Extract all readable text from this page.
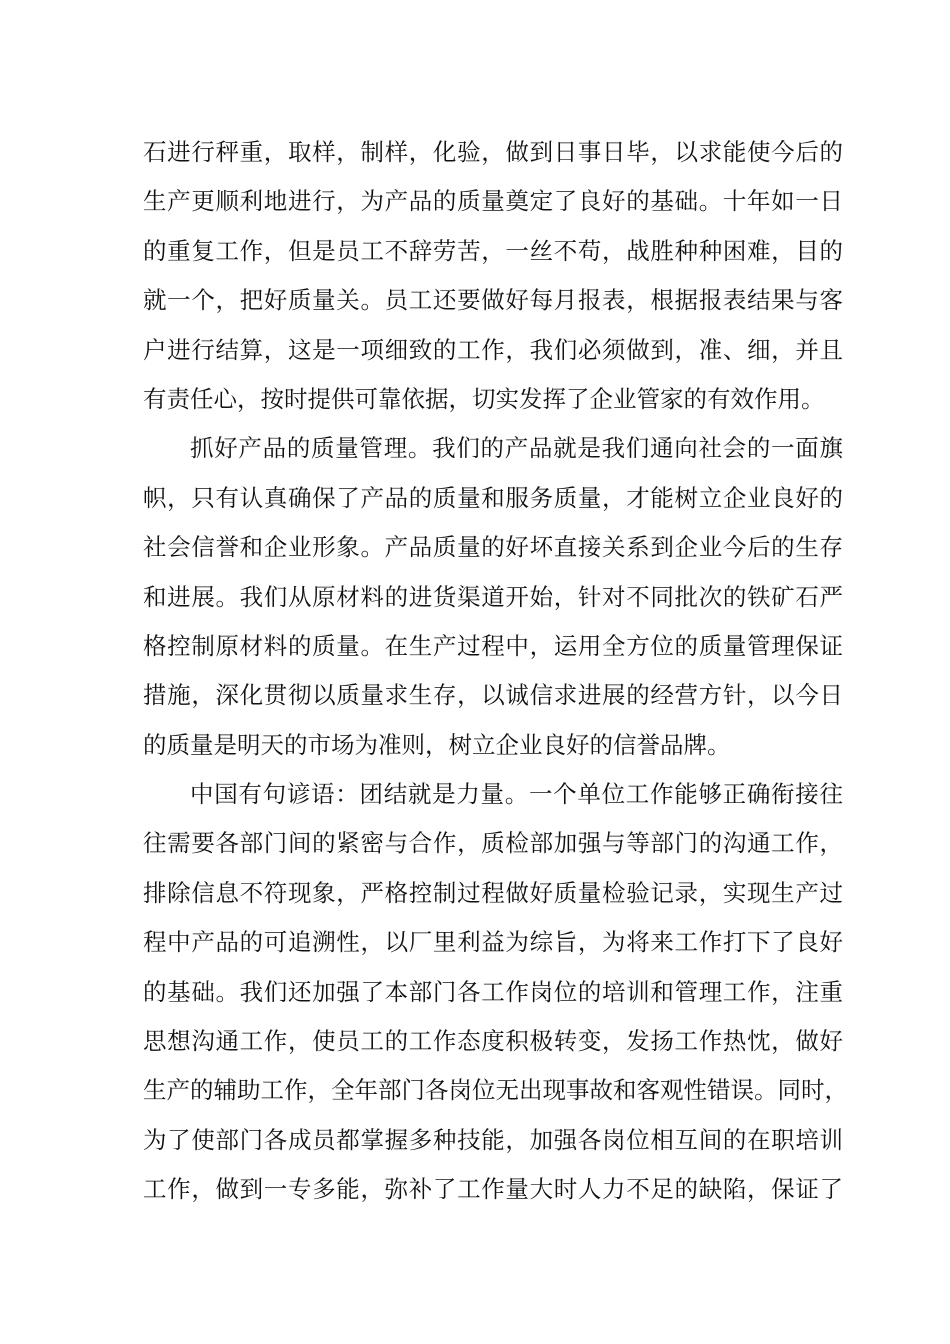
石进行秤重，取样，制样，化验，做到日事日毕，以求能使今后的
生产更顺利地进行，为产品的质量奠定了良好的基础。十年如一日
的重复工作，但是员工不辞劳苦，一丝不苟，战胜种种困难，目的
就一个，把好质量关。员工还要做好每月报表，根据报表结果与客
户进行结算，这是一项细致的工作，我们必须做到，准、细，并且
有责任心，按时提供可靠依据，切实发挥了企业管家的有效作用。
抓好产品的质量管理。我们的产品就是我们通向社会的一面旗
帜，只有认真确保了产品的质量和服务质量，才能树立企业良好的
社会信誉和企业形象。产品质量的好坏直接关系到企业今后的生存
和进展。我们从原材料的进货渠道开始，针对不同批次的铁矿石严
格控制原材料的质量。在生产过程中，运用全方位的质量管理保证
措施，深化贯彻以质量求生存，以诚信求进展的经营方针，以今日
的质量是明天的市场为准则，树立企业良好的信誉品牌。
中国有句谚语：团结就是力量。一个单位工作能够正确衔接往
往需要各部门间的紧密与合作，质检部加强与等部门的沟通工作，
排除信息不符现象，严格控制过程做好质量检验记录，实现生产过
程中产品的可追溯性，以厂里利益为综旨，为将来工作打下了良好
的基础。我们还加强了本部门各工作岗位的培训和管理工作，注重
思想沟通工作，使员工的工作态度积极转变，发扬工作热忱，做好
生产的辅助工作，全年部门各岗位无出现事故和客观性错误。同时，
为了使部门各成员都掌握多种技能，加强各岗位相互间的在职培训
工作，做到一专多能，弥补了工作量大时人力不足的缺陷，保证了
